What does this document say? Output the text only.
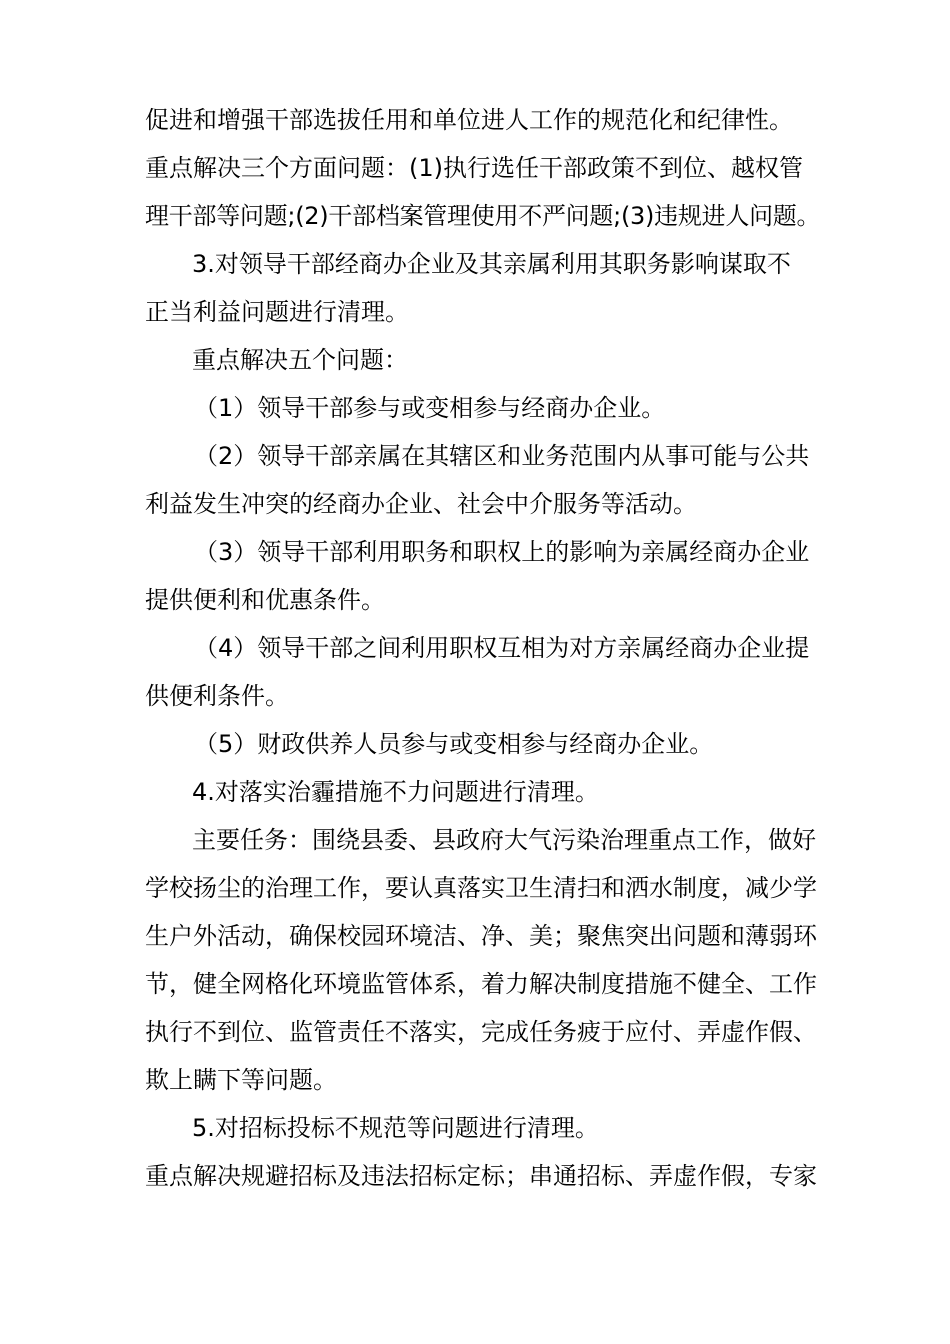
促进和增强干部选拔任用和单位进人工作的规范化和纪律性。
重点解决三个方面问题：(1)执行选任干部政策不到位、越权管
理干部等问题;(2)干部档案管理使用不严问题;(3)违规进人问题。
3.对领导干部经商办企业及其亲属利用其职务影响谋取不
正当利益问题进行清理。
重点解决五个问题：
（1）领导干部参与或变相参与经商办企业。
（2）领导干部亲属在其辖区和业务范围内从事可能与公共
利益发生冲突的经商办企业、社会中介服务等活动。
（3）领导干部利用职务和职权上的影响为亲属经商办企业
提供便利和优惠条件。
（4）领导干部之间利用职权互相为对方亲属经商办企业提
供便利条件。
（5）财政供养人员参与或变相参与经商办企业。
4.对落实治霾措施不力问题进行清理。
主要任务：围绕县委、县政府大气污染治理重点工作，做好
学校扬尘的治理工作，要认真落实卫生清扫和洒水制度，减少学
生户外活动，确保校园环境洁、净、美；聚焦突出问题和薄弱环
节，健全网格化环境监管体系，着力解决制度措施不健全、工作
执行不到位、监管责任不落实，完成任务疲于应付、弄虚作假、
欺上瞒下等问题。
5.对招标投标不规范等问题进行清理。
重点解决规避招标及违法招标定标；串通招标、弄虚作假，专家
